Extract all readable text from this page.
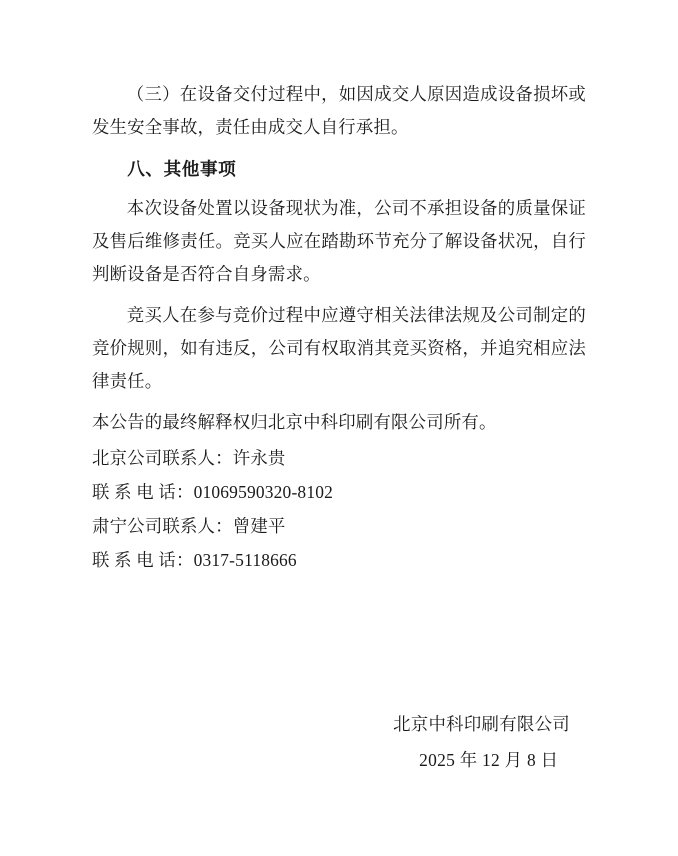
（三）在设备交付过程中，如因成交人原因造成设备损坏或发生安全事故，责任由成交人自行承担。

八、其他事项

本次设备处置以设备现状为准，公司不承担设备的质量保证及售后维修责任。竞买人应在踏勘环节充分了解设备状况，自行判断设备是否符合自身需求。

竞买人在参与竞价过程中应遵守相关法律法规及公司制定的竞价规则，如有违反，公司有权取消其竞买资格，并追究相应法律责任。

本公告的最终解释权归北京中科印刷有限公司所有。

北京公司联系人：许永贵

联 系 电 话：01069590320-8102

肃宁公司联系人：曾建平

联 系 电 话：0317-5118666

北京中科印刷有限公司
2025 年 12 月 8 日
